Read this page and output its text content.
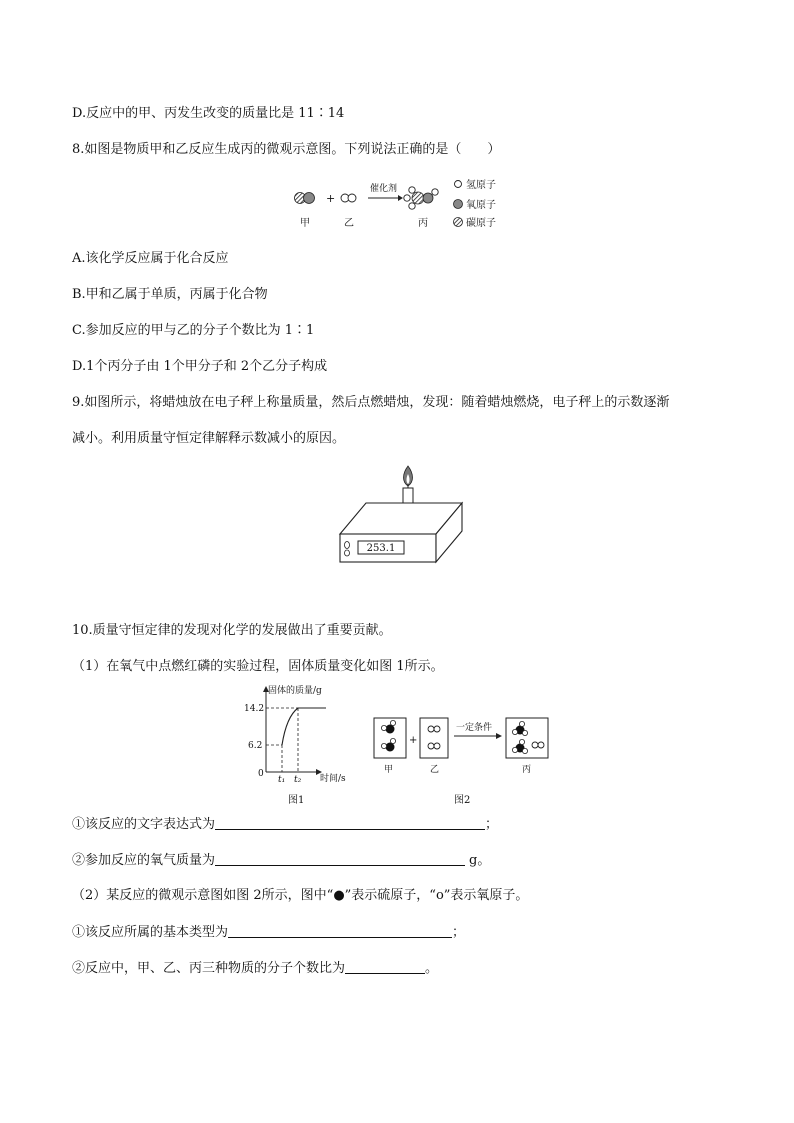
D.反应中的甲、丙发生改变的质量比是 11∶14
8.如图是物质甲和乙反应生成丙的微观示意图。下列说法正确的是（　　）
+
催化剂
甲	乙	丙
氢原子
氧原子
碳原子
A.该化学反应属于化合反应
B.甲和乙属于单质，丙属于化合物
C.参加反应的甲与乙的分子个数比为 1∶1
D.1个丙分子由 1个甲分子和 2个乙分子构成
9.如图所示，将蜡烛放在电子秤上称量质量，然后点燃蜡烛，发现：随着蜡烛燃烧，电子秤上的示数逐渐
减小。利用质量守恒定律解释示数减小的原因。
253.1
10.质量守恒定律的发现对化学的发展做出了重要贡献。
（1）在氧气中点燃红磷的实验过程，固体质量变化如图 1所示。
固体的质量/g
时间/s
14.2
6.2
0
t₁ t₂
图1
+
一定条件
甲	乙	丙
图2
①该反应的文字表达式为	；
②参加反应的氧气质量为	g。
（2）某反应的微观示意图如图 2所示，图中“●”表示硫原子，“o”表示氧原子。
①该反应所属的基本类型为	；
②反应中，甲、乙、丙三种物质的分子个数比为	。
